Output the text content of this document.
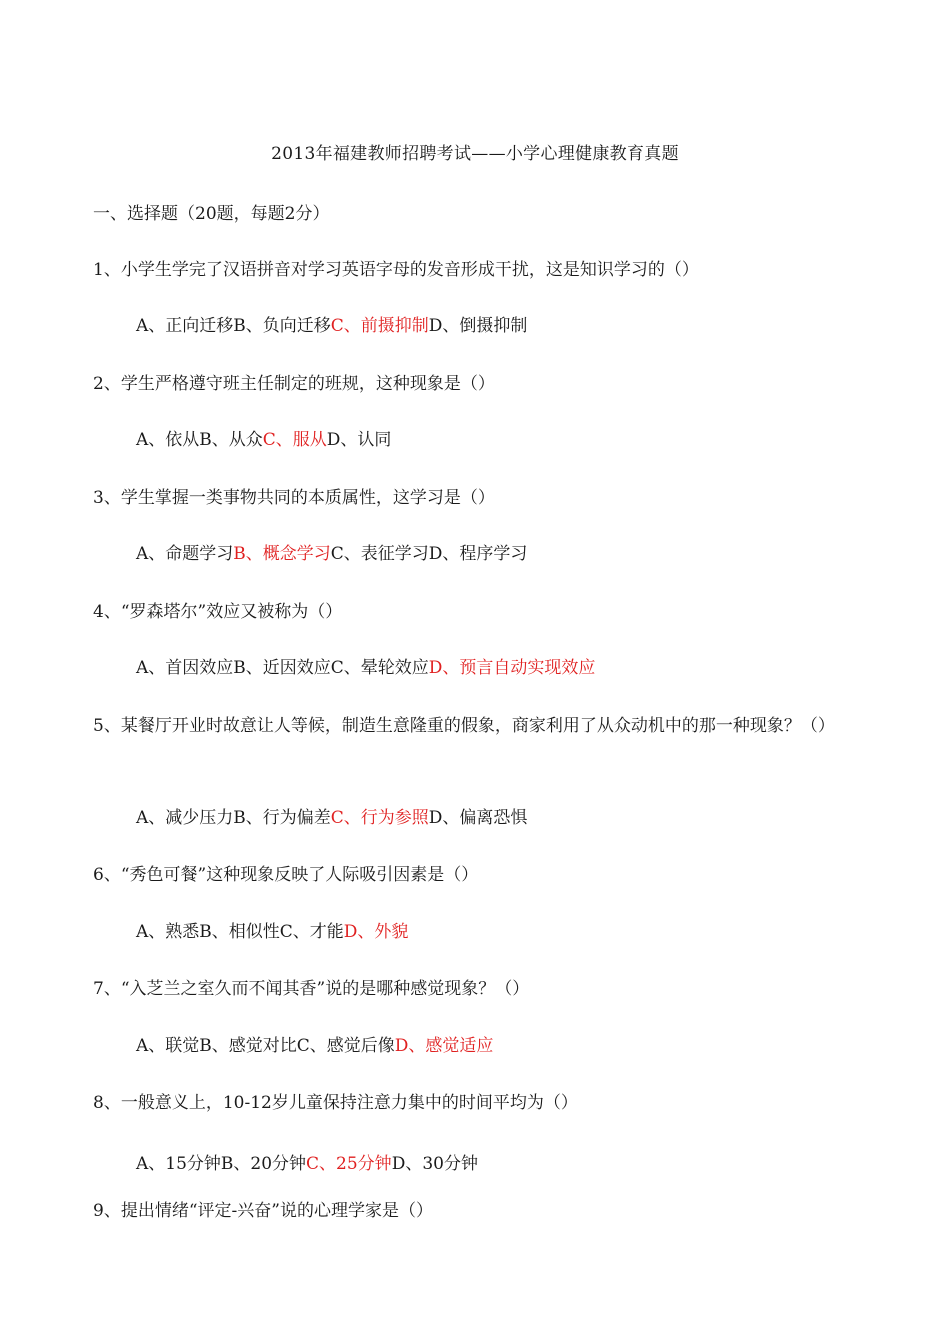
2013年福建教师招聘考试——小学心理健康教育真题
一、选择题（20题，每题2分）
1、小学生学完了汉语拼音对学习英语字母的发音形成干扰，这是知识学习的（）
A、正向迁移B、负向迁移C、前摄抑制D、倒摄抑制
2、学生严格遵守班主任制定的班规，这种现象是（）
A、依从B、从众C、服从D、认同
3、学生掌握一类事物共同的本质属性，这学习是（）
A、命题学习B、概念学习C、表征学习D、程序学习
4、“罗森塔尔”效应又被称为（）
A、首因效应B、近因效应C、晕轮效应D、预言自动实现效应
5、某餐厅开业时故意让人等候，制造生意隆重的假象，商家利用了从众动机中的那一种现象？（）
A、减少压力B、行为偏差C、行为参照D、偏离恐惧
6、“秀色可餐”这种现象反映了人际吸引因素是（）
A、熟悉B、相似性C、才能D、外貌
7、“入芝兰之室久而不闻其香”说的是哪种感觉现象？（）
A、联觉B、感觉对比C、感觉后像D、感觉适应
8、一般意义上，10-12岁儿童保持注意力集中的时间平均为（）
A、15分钟B、20分钟C、25分钟D、30分钟
9、提出情绪“评定-兴奋”说的心理学家是（）
